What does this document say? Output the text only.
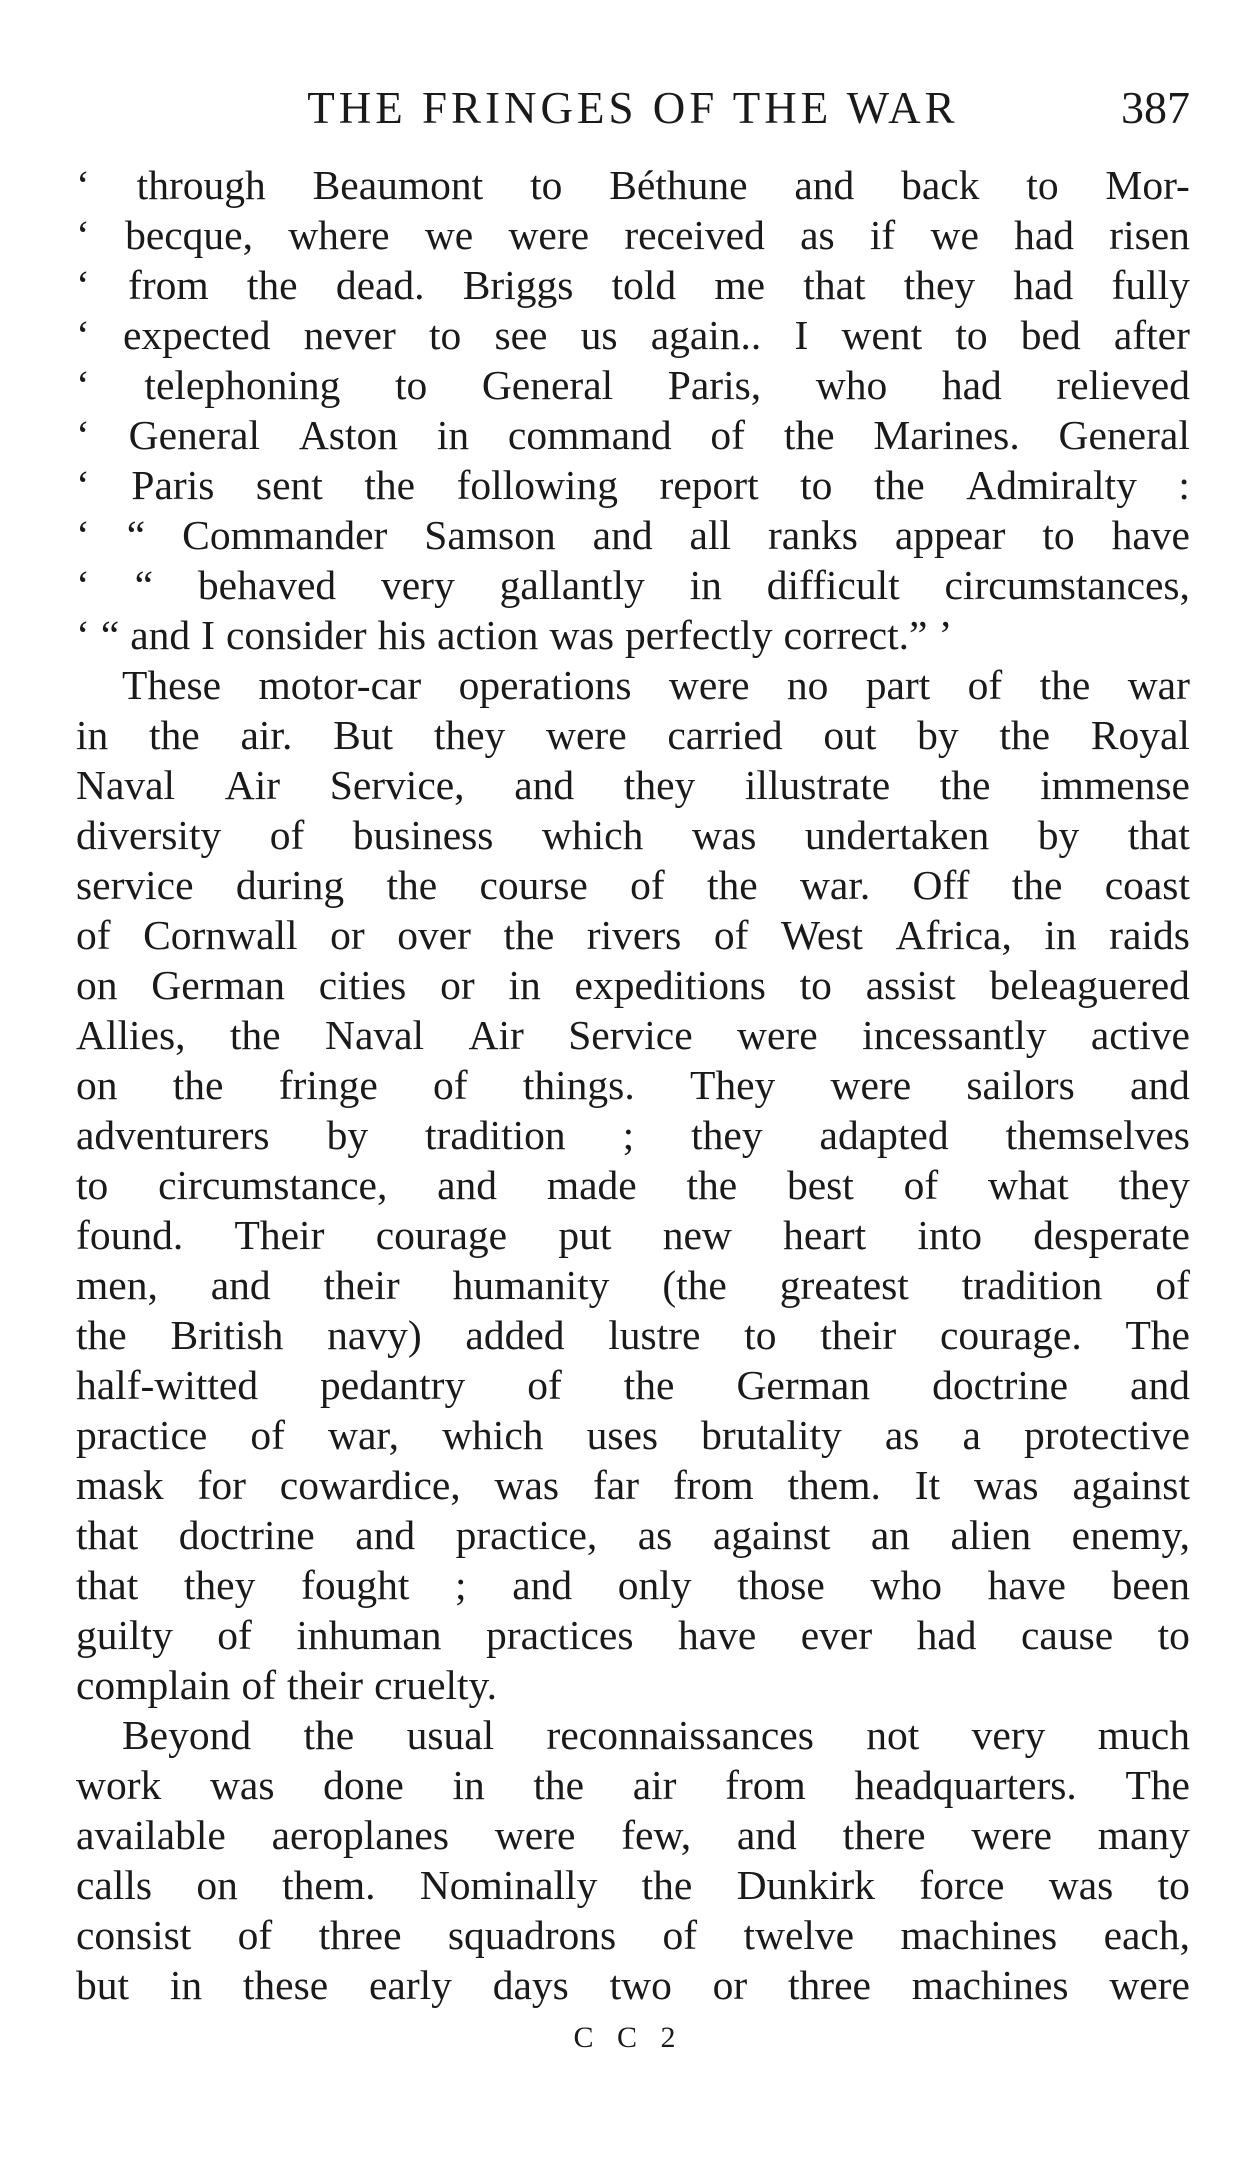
THE FRINGES OF THE WAR	387
‘ through Beaumont to Béthune and back to Mor-
‘ becque, where we were received as if we had risen
‘ from the dead. Briggs told me that they had fully
‘ expected never to see us again.. I went to bed after
‘ telephoning to General Paris, who had relieved
‘ General Aston in command of the Marines. General
‘ Paris sent the following report to the Admiralty :
‘ “ Commander Samson and all ranks appear to have
‘ “ behaved very gallantly in difficult circumstances,
‘ “ and I consider his action was perfectly correct.” ’
These motor-car operations were no part of the war
in the air. But they were carried out by the Royal
Naval Air Service, and they illustrate the immense
diversity of business which was undertaken by that
service during the course of the war. Off the coast
of Cornwall or over the rivers of West Africa, in raids
on German cities or in expeditions to assist beleaguered
Allies, the Naval Air Service were incessantly active
on the fringe of things. They were sailors and
adventurers by tradition ; they adapted themselves
to circumstance, and made the best of what they
found. Their courage put new heart into desperate
men, and their humanity (the greatest tradition of
the British navy) added lustre to their courage. The
half-witted pedantry of the German doctrine and
practice of war, which uses brutality as a protective
mask for cowardice, was far from them. It was against
that doctrine and practice, as against an alien enemy,
that they fought ; and only those who have been
guilty of inhuman practices have ever had cause to
complain of their cruelty.
Beyond the usual reconnaissances not very much
work was done in the air from headquarters. The
available aeroplanes were few, and there were many
calls on them. Nominally the Dunkirk force was to
consist of three squadrons of twelve machines each,
but in these early days two or three machines were
C C 2
